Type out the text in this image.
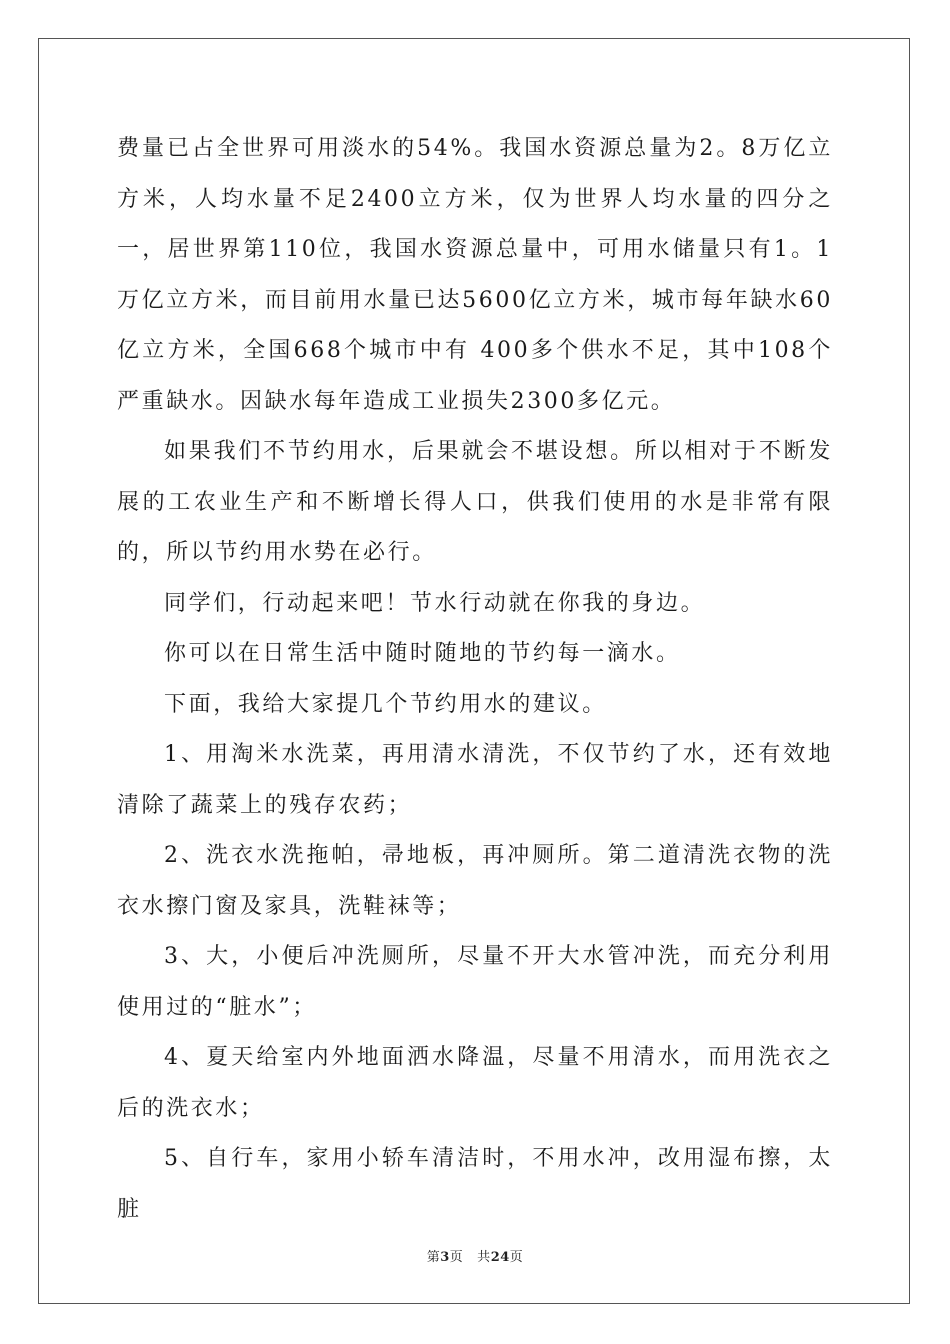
费量已占全世界可用淡水的54%。我国水资源总量为2。8万亿立方米，人均水量不足2400立方米，仅为世界人均水量的四分之一，居世界第110位，我国水资源总量中，可用水储量只有1。1万亿立方米，而目前用水量已达5600亿立方米，城市每年缺水60亿立方米，全国668个城市中有 400多个供水不足，其中108个严重缺水。因缺水每年造成工业损失2300多亿元。

如果我们不节约用水，后果就会不堪设想。所以相对于不断发展的工农业生产和不断增长得人口，供我们使用的水是非常有限的，所以节约用水势在必行。

同学们，行动起来吧！节水行动就在你我的身边。

你可以在日常生活中随时随地的节约每一滴水。

下面，我给大家提几个节约用水的建议。

1、用淘米水洗菜，再用清水清洗，不仅节约了水，还有效地清除了蔬菜上的残存农药；

2、洗衣水洗拖帕，帚地板，再冲厕所。第二道清洗衣物的洗衣水擦门窗及家具，洗鞋袜等；

3、大，小便后冲洗厕所，尽量不开大水管冲洗，而充分利用使用过的“脏水”；

4、夏天给室内外地面洒水降温，尽量不用清水，而用洗衣之后的洗衣水；

5、自行车，家用小轿车清洁时，不用水冲，改用湿布擦，太脏

第3页 共24页
